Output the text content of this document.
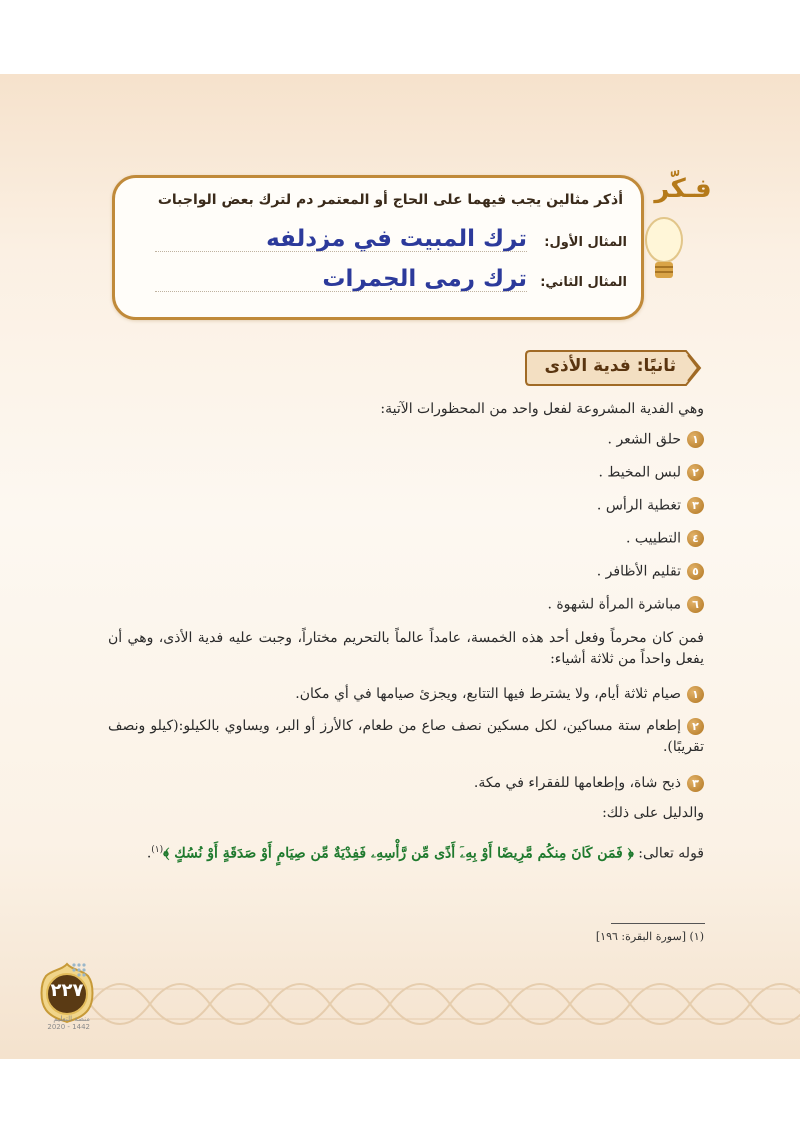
فـكّر
أذكر مثالين يجب فيهما على الحاج أو المعتمر دم لترك بعض الواجبات
المثال الأول:
ترك المبيت في مزدلفه
المثال الثاني:
ترك رمى الجمرات
ثانيًا: فدية الأذى
وهي الفدية المشروعة لفعل واحد من المحظورات الآتية:
١حلق الشعر .
٢لبس المخيط .
٣تغطية الرأس .
٤التطييب .
٥تقليم الأظافر .
٦مباشرة المرأة لشهوة .
فمن كان محرماً وفعل أحد هذه الخمسة، عامداً عالماً بالتحريم مختاراً، وجبت عليه فدية الأذى، وهي أن يفعل واحداً من ثلاثة أشياء:
١صيام ثلاثة أيام، ولا يشترط فيها التتابع، ويجزئ صيامها في أي مكان.
٢إطعام ستة مساكين، لكل مسكين نصف صاع من طعام، كالأرز أو البر، ويساوي بالكيلو:(كيلو ونصف تقريبًا).
٣ذبح شاة، وإطعامها للفقراء في مكة.
والدليل على ذلك:
قوله تعالى: ﴿ فَمَن كَانَ مِنكُم مَّرِيضًا أَوْ بِهِۦٓ أَذًى مِّن رَّأْسِهِۦ فَفِدْيَةٌ مِّن صِيَامٍ أَوْ صَدَقَةٍ أَوْ نُسُكٍ ﴾$^{(١)}$.
(١) [سورة البقرة: ١٩٦]
٢٢٧
منصة التعليم
2020 - 1442
